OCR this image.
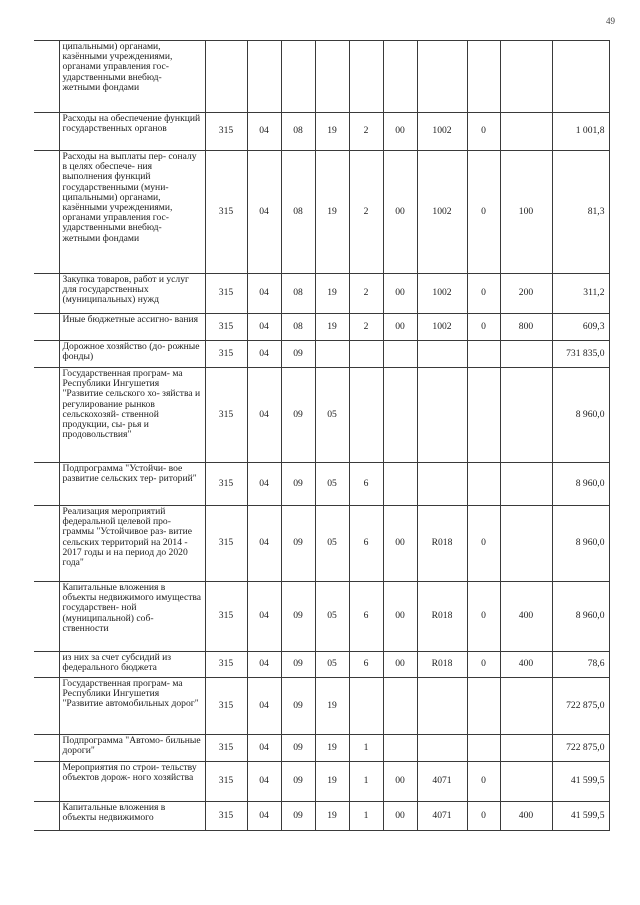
49
	ципальными) органами, казёнными учреждениями, органами управления гос- ударственными внебюд- жетными фондами										
	Расходы на обеспечение функций государственных органов	315	04	08	19	2	00	1002	0		1 001,8
	Расходы на выплаты пер- соналу в целях обеспече- ния выполнения функций государственными (муни- ципальными) органами, казёнными учреждениями, органами управления гос- ударственными внебюд- жетными фондами	315	04	08	19	2	00	1002	0	100	81,3
	Закупка товаров, работ и услуг для государственных (муниципальных) нужд	315	04	08	19	2	00	1002	0	200	311,2
	Иные бюджетные ассигно- вания	315	04	08	19	2	00	1002	0	800	609,3
	Дорожное хозяйство (до- рожные фонды)	315	04	09							731 835,0
	Государственная програм- ма Республики Ингушетия "Развитие сельского хо- зяйства и регулирование рынков сельскохозяй- ственной продукции, сы- рья и продовольствия"	315	04	09	05						8 960,0
	Подпрограмма "Устойчи- вое развитие сельских тер- риторий"	315	04	09	05	6					8 960,0
	Реализация мероприятий федеральной целевой про- граммы "Устойчивое раз- витие сельских территорий на 2014 - 2017 годы и на период до 2020 года"	315	04	09	05	6	00	R018	0		8 960,0
	Капитальные вложения в объекты недвижимого имущества государствен- ной (муниципальной) соб- ственности	315	04	09	05	6	00	R018	0	400	8 960,0
	из них за счет субсидий из федерального бюджета	315	04	09	05	6	00	R018	0	400	78,6
	Государственная програм- ма Республики Ингушетия "Развитие автомобильных дорог"	315	04	09	19						722 875,0
	Подпрограмма "Автомо- бильные дороги"	315	04	09	19	1					722 875,0
	Мероприятия по строи- тельству объектов дорож- ного хозяйства	315	04	09	19	1	00	4071	0		41 599,5
	Капитальные вложения в объекты недвижимого	315	04	09	19	1	00	4071	0	400	41 599,5
